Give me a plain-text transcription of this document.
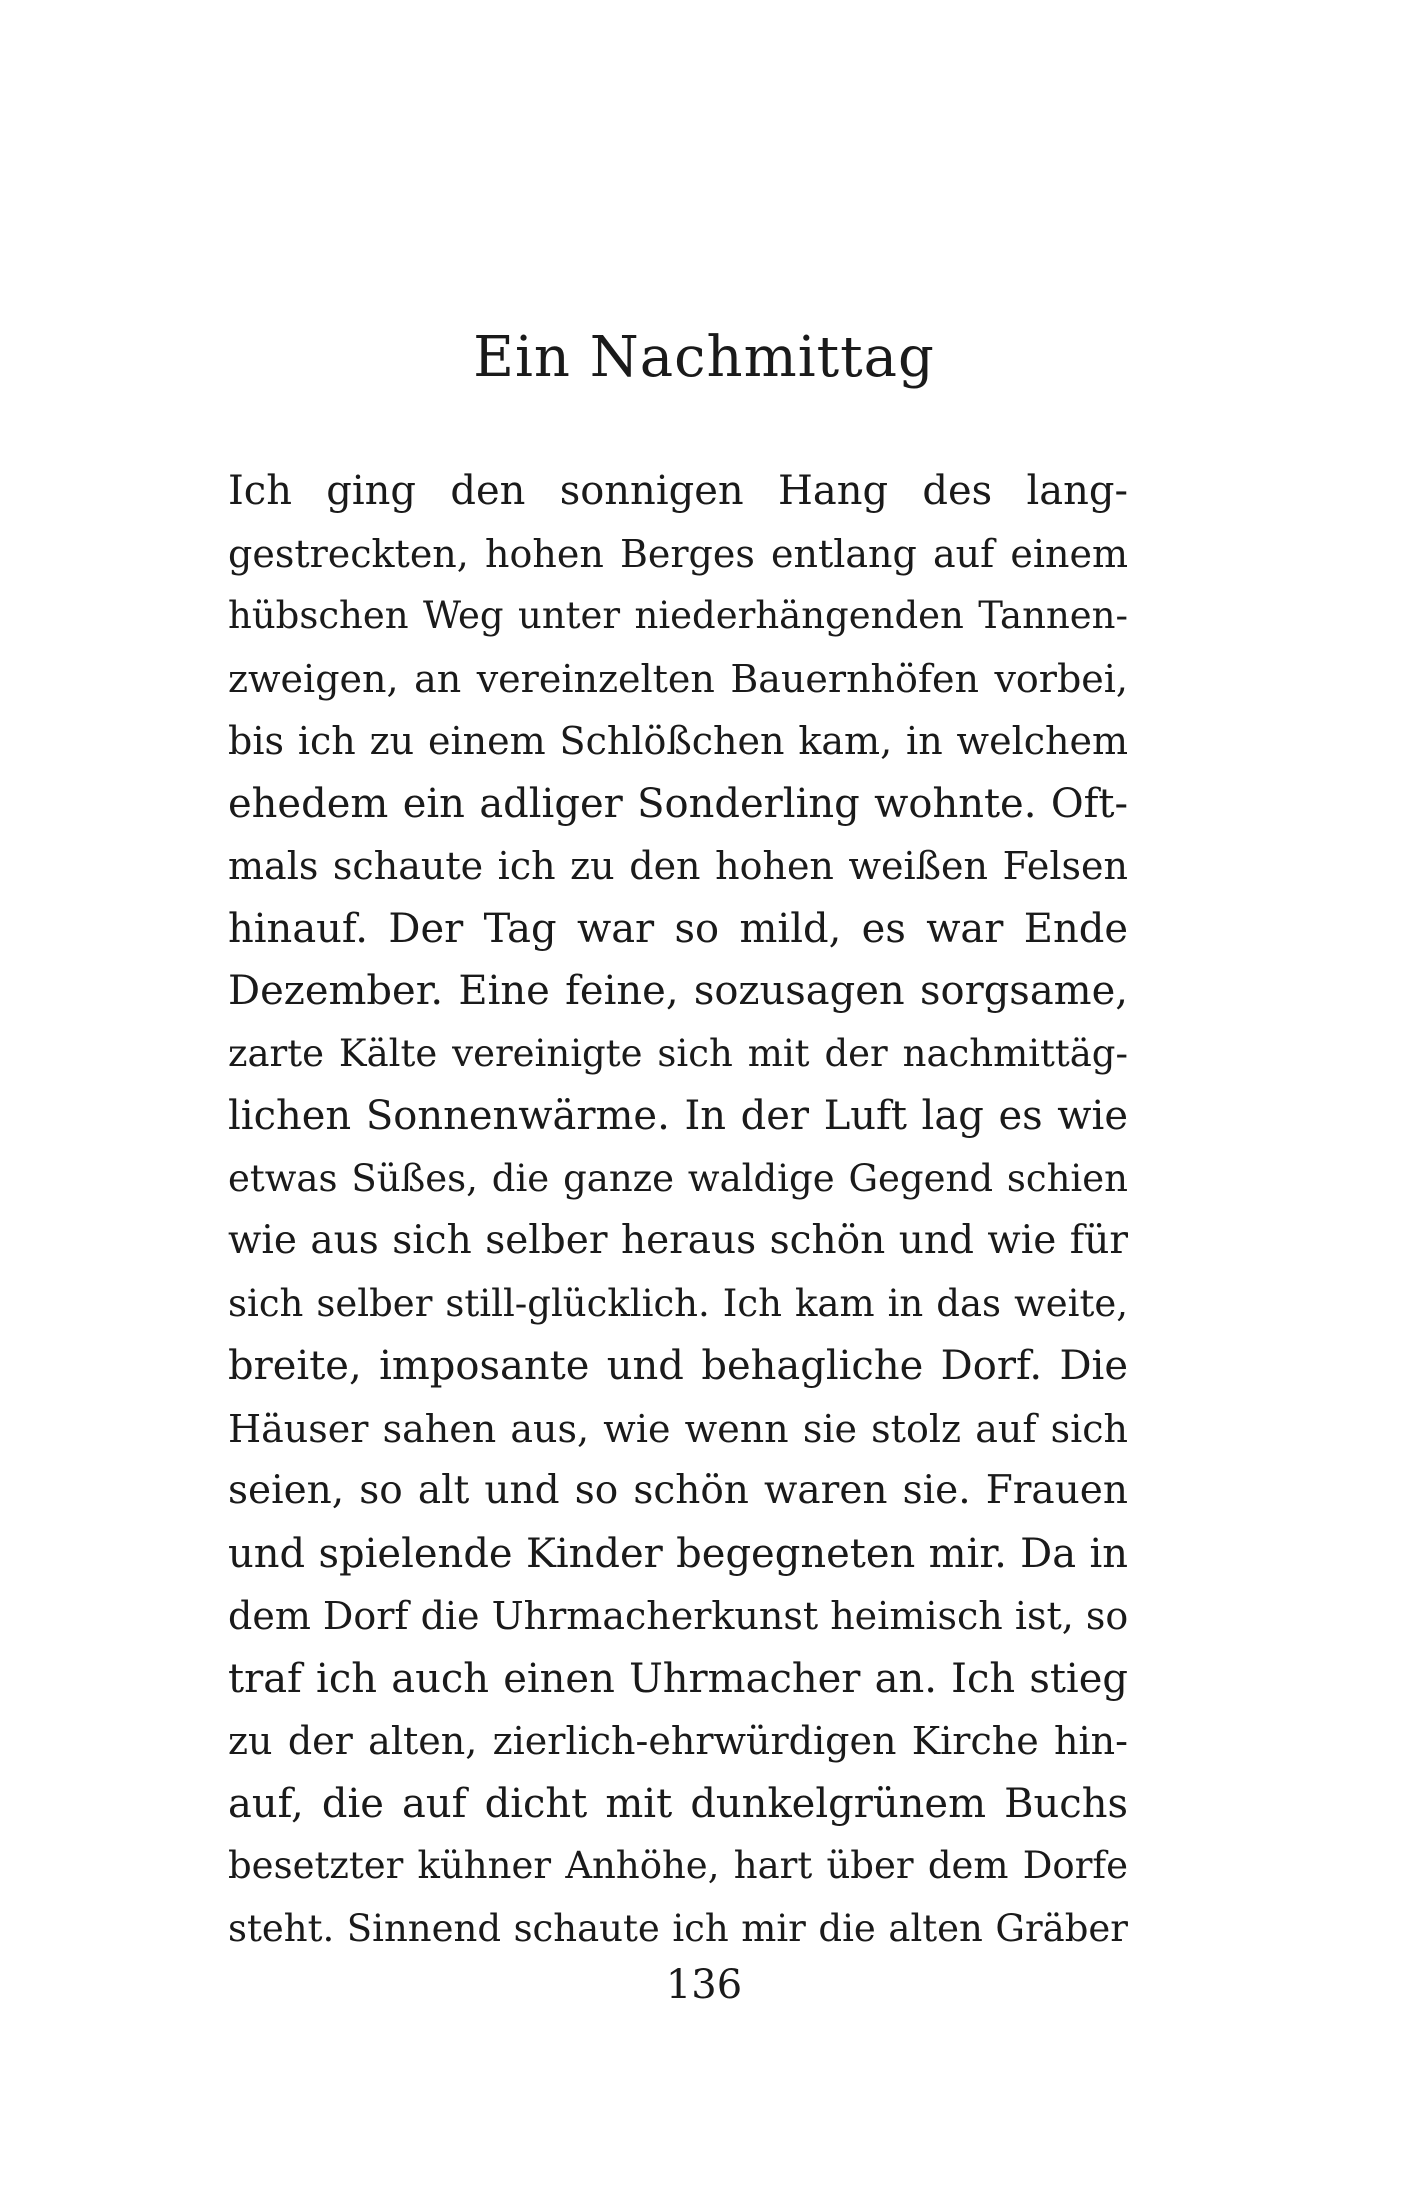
Ein Nachmittag
Ich ging den sonnigen Hang des lang-
gestreckten, hohen Berges entlang auf einem
hübschen Weg unter niederhängenden Tannen-
zweigen, an vereinzelten Bauernhöfen vorbei,
bis ich zu einem Schlößchen kam, in welchem
ehedem ein adliger Sonderling wohnte. Oft-
mals schaute ich zu den hohen weißen Felsen
hinauf. Der Tag war so mild, es war Ende
Dezember. Eine feine, sozusagen sorgsame,
zarte Kälte vereinigte sich mit der nachmittäg-
lichen Sonnenwärme. In der Luft lag es wie
etwas Süßes, die ganze waldige Gegend schien
wie aus sich selber heraus schön und wie für
sich selber still-glücklich. Ich kam in das weite,
breite, imposante und behagliche Dorf. Die
Häuser sahen aus, wie wenn sie stolz auf sich
seien, so alt und so schön waren sie. Frauen
und spielende Kinder begegneten mir. Da in
dem Dorf die Uhrmacherkunst heimisch ist, so
traf ich auch einen Uhrmacher an. Ich stieg
zu der alten, zierlich-ehrwürdigen Kirche hin-
auf, die auf dicht mit dunkelgrünem Buchs
besetzter kühner Anhöhe, hart über dem Dorfe
steht. Sinnend schaute ich mir die alten Gräber
136
